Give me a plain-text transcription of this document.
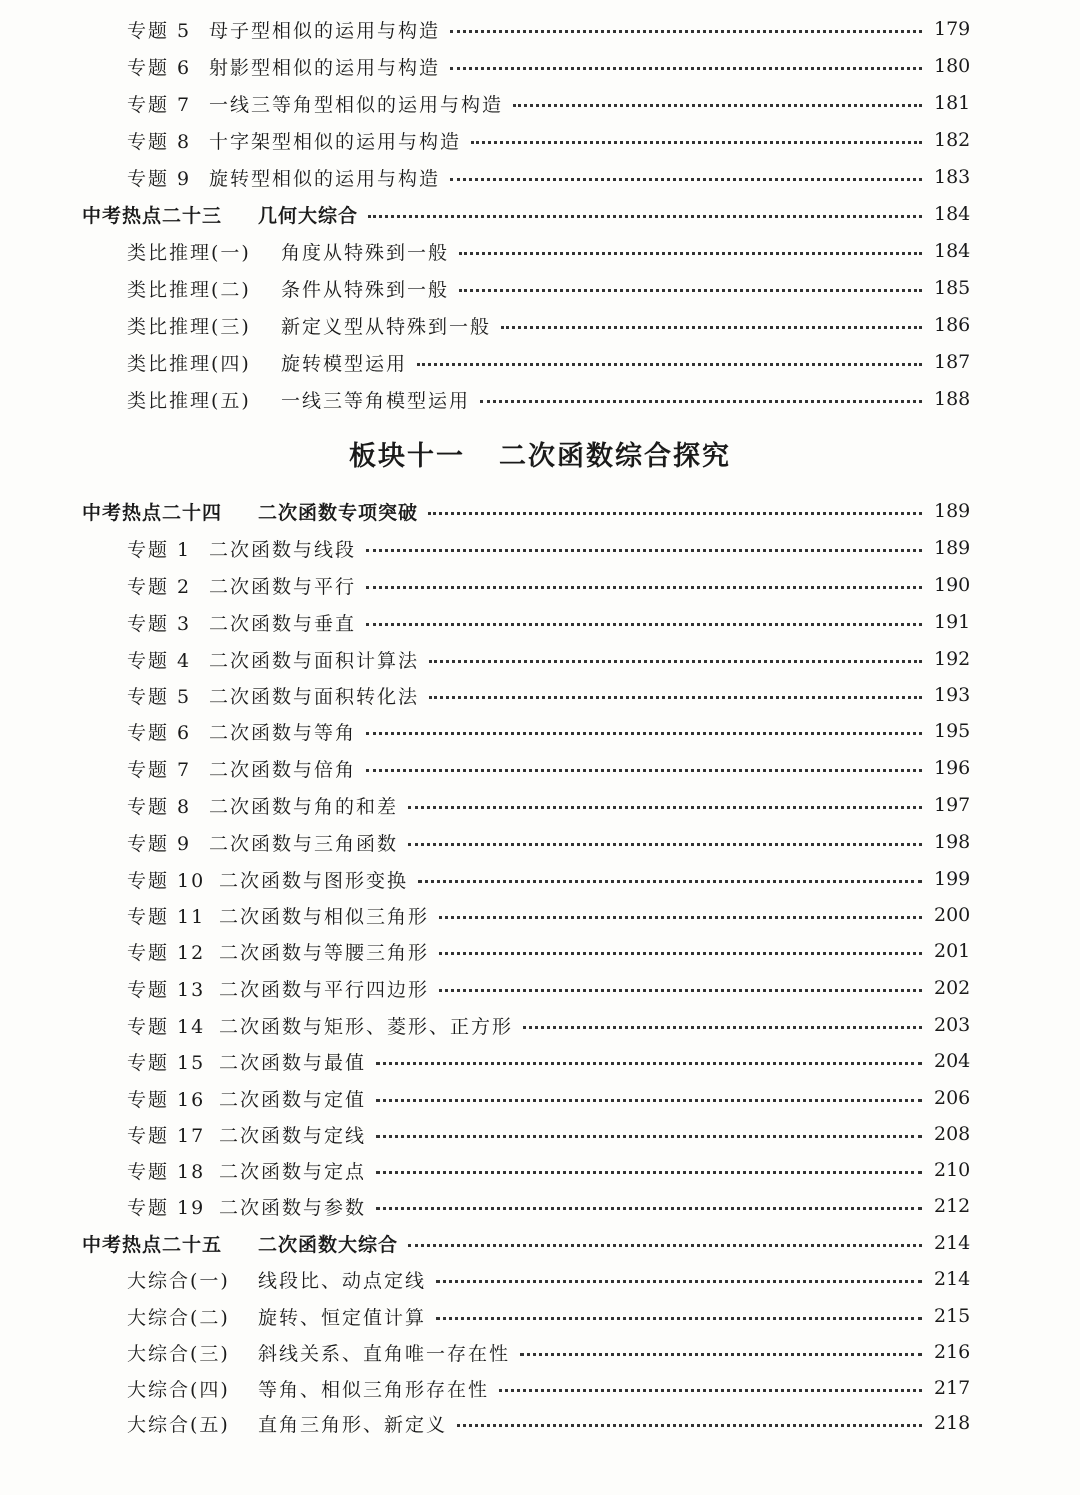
板块十一 二次函数综合探究
专题 5 母子型相似的运用与构造	179
专题 6 射影型相似的运用与构造	180
专题 7 一线三等角型相似的运用与构造	181
专题 8 十字架型相似的运用与构造	182
专题 9 旋转型相似的运用与构造	183
中考热点二十三 几何大综合	184
类比推理(一) 角度从特殊到一般	184
类比推理(二) 条件从特殊到一般	185
类比推理(三) 新定义型从特殊到一般	186
类比推理(四) 旋转模型运用	187
类比推理(五) 一线三等角模型运用	188
中考热点二十四 二次函数专项突破	189
专题 1 二次函数与线段	189
专题 2 二次函数与平行	190
专题 3 二次函数与垂直	191
专题 4 二次函数与面积计算法	192
专题 5 二次函数与面积转化法	193
专题 6 二次函数与等角	195
专题 7 二次函数与倍角	196
专题 8 二次函数与角的和差	197
专题 9 二次函数与三角函数	198
专题 10 二次函数与图形变换	199
专题 11 二次函数与相似三角形	200
专题 12 二次函数与等腰三角形	201
专题 13 二次函数与平行四边形	202
专题 14 二次函数与矩形、菱形、正方形	203
专题 15 二次函数与最值	204
专题 16 二次函数与定值	206
专题 17 二次函数与定线	208
专题 18 二次函数与定点	210
专题 19 二次函数与参数	212
中考热点二十五 二次函数大综合	214
大综合(一) 线段比、动点定线	214
大综合(二) 旋转、恒定值计算	215
大综合(三) 斜线关系、直角唯一存在性	216
大综合(四) 等角、相似三角形存在性	217
大综合(五) 直角三角形、新定义	218
